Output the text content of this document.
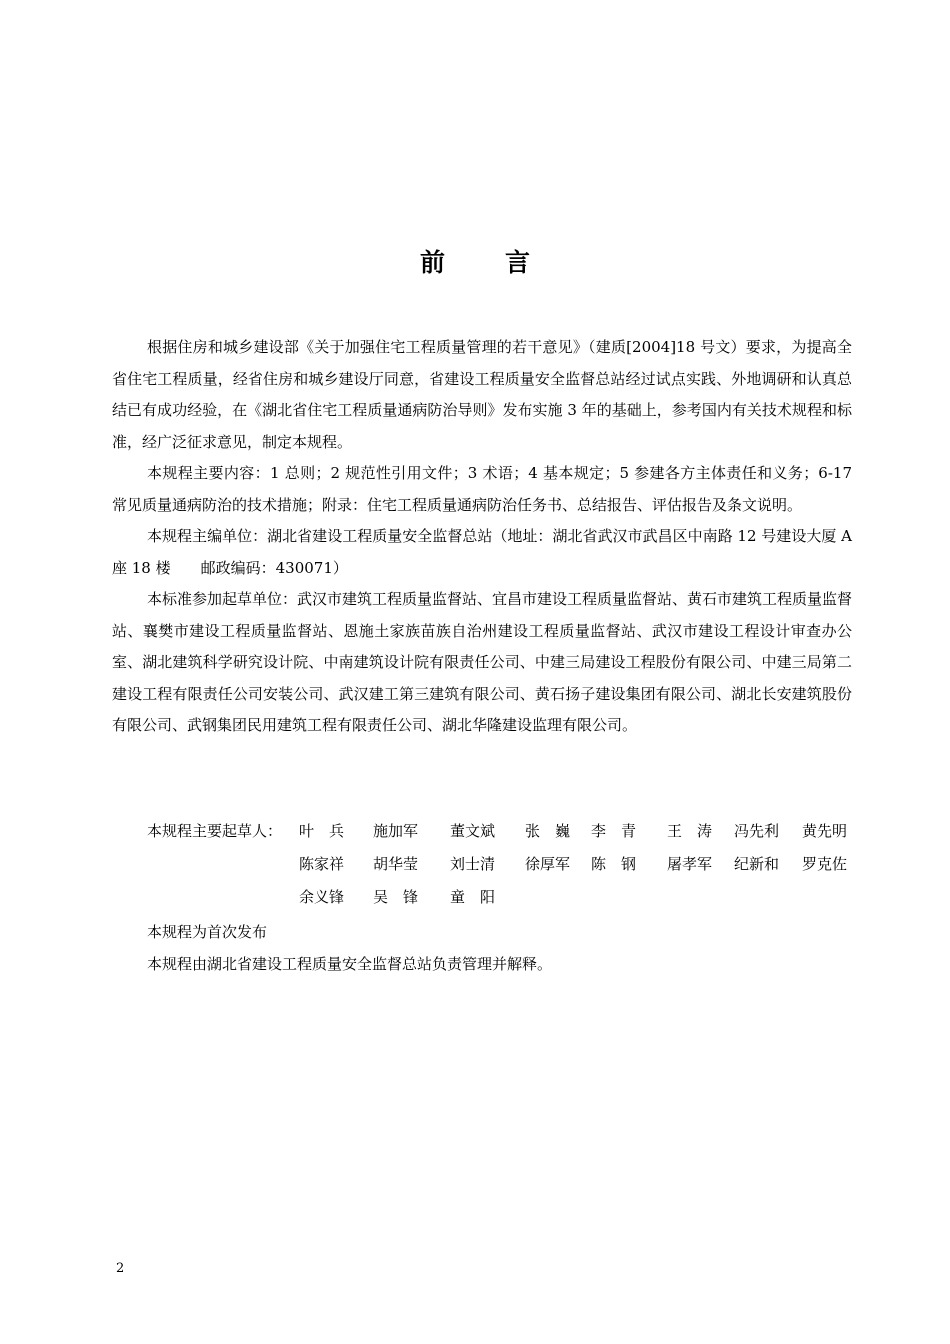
前 言

根据住房和城乡建设部《关于加强住宅工程质量管理的若干意见》（建质[2004]18 号文）要求，为提高全省住宅工程质量，经省住房和城乡建设厅同意，省建设工程质量安全监督总站经过试点实践、外地调研和认真总结已有成功经验，在《湖北省住宅工程质量通病防治导则》发布实施 3 年的基础上，参考国内有关技术规程和标准，经广泛征求意见，制定本规程。

本规程主要内容：1 总则；2 规范性引用文件；3 术语；4 基本规定；5 参建各方主体责任和义务；6-17 常见质量通病防治的技术措施；附录：住宅工程质量通病防治任务书、总结报告、评估报告及条文说明。

本规程主编单位：湖北省建设工程质量安全监督总站（地址：湖北省武汉市武昌区中南路 12 号建设大厦 A 座 18 楼　　邮政编码：430071）

本标准参加起草单位：武汉市建筑工程质量监督站、宜昌市建设工程质量监督站、黄石市建筑工程质量监督站、襄樊市建设工程质量监督站、恩施土家族苗族自治州建设工程质量监督站、武汉市建设工程设计审查办公室、湖北建筑科学研究设计院、中南建筑设计院有限责任公司、中建三局建设工程股份有限公司、中建三局第二建设工程有限责任公司安装公司、武汉建工第三建筑有限公司、黄石扬子建设集团有限公司、湖北长安建筑股份有限公司、武钢集团民用建筑工程有限责任公司、湖北华隆建设监理有限公司。

本规程主要起草人： 叶　兵 施加军 董文斌 张　巍 李　青 王　涛 冯先利 黄先明
陈家祥 胡华莹 刘士清 徐厚军 陈　钢 屠孝军 纪新和 罗克佐
余义锋 吴　锋 童　阳
本规程为首次发布
本规程由湖北省建设工程质量安全监督总站负责管理并解释。
2
